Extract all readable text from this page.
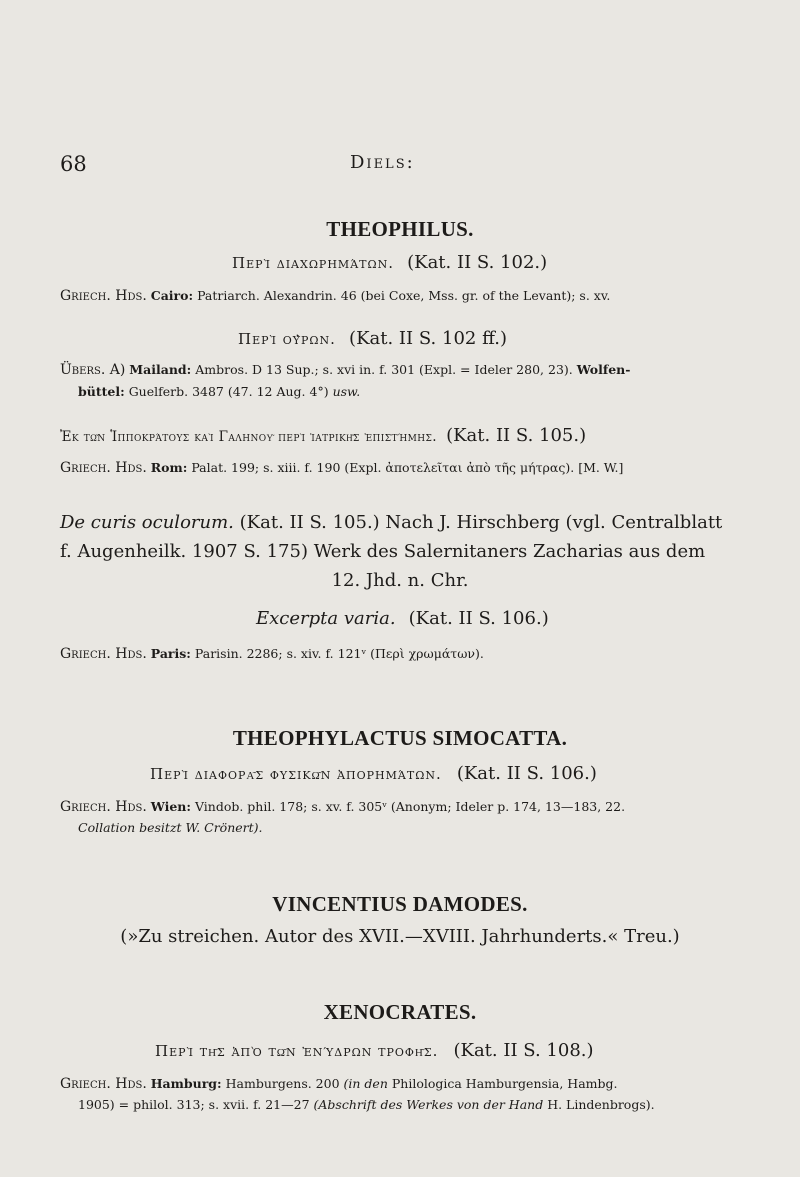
68	Diels:
THEOPHILUS.
Περὶ διαχωρημάτων. (Kat. II S. 102.)
Griech. Hds. Cairo: Patriarch. Alexandrin. 46 (bei Coxe, Mss. gr. of the Levant); s. xv.
Περὶ οὔρων. (Kat. II S. 102 ff.)
Übers. A) Mailand: Ambros. D 13 Sup.; s. xvi in. f. 301 (Expl. = Ideler 280, 23). Wolfen-
büttel: Guelferb. 3487 (47. 12 Aug. 4°) usw.
Ἐκ τῶν Ἱπποκράτους καὶ Γαληνοῦ περὶ ἰατρικῆς ἐπιστήμης. (Kat. II S. 105.)
Griech. Hds. Rom: Palat. 199; s. xiii. f. 190 (Expl. ἀποτελεῖται ἀπὸ τῆς μήτρας). [M. W.]
De curis oculorum. (Kat. II S. 105.) Nach J. Hirschberg (vgl. Centralblatt
f. Augenheilk. 1907 S. 175) Werk des Salernitaners Zacharias aus dem
12. Jhd. n. Chr.
Excerpta varia. (Kat. II S. 106.)
Griech. Hds. Paris: Parisin. 2286; s. xiv. f. 121ᵛ (Περὶ χρωμάτων).
THEOPHYLACTUS SIMOCATTA.
Περὶ διαφορᾶς φυσικῶν ἀπορημάτων. (Kat. II S. 106.)
Griech. Hds. Wien: Vindob. phil. 178; s. xv. f. 305ᵛ (Anonym; Ideler p. 174, 13—183, 22.
Collation besitzt W. Crönert).
VINCENTIUS DAMODES.
(»Zu streichen. Autor des XVII.—XVIII. Jahrhunderts.« Treu.)
XENOCRATES.
Περὶ τῆς ἀπὸ τῶν ἐνύδρων τροφῆς. (Kat. II S. 108.)
Griech. Hds. Hamburg: Hamburgens. 200 (in den Philologica Hamburgensia, Hambg.
1905) = philol. 313; s. xvii. f. 21—27 (Abschrift des Werkes von der Hand H. Lindenbrogs).
